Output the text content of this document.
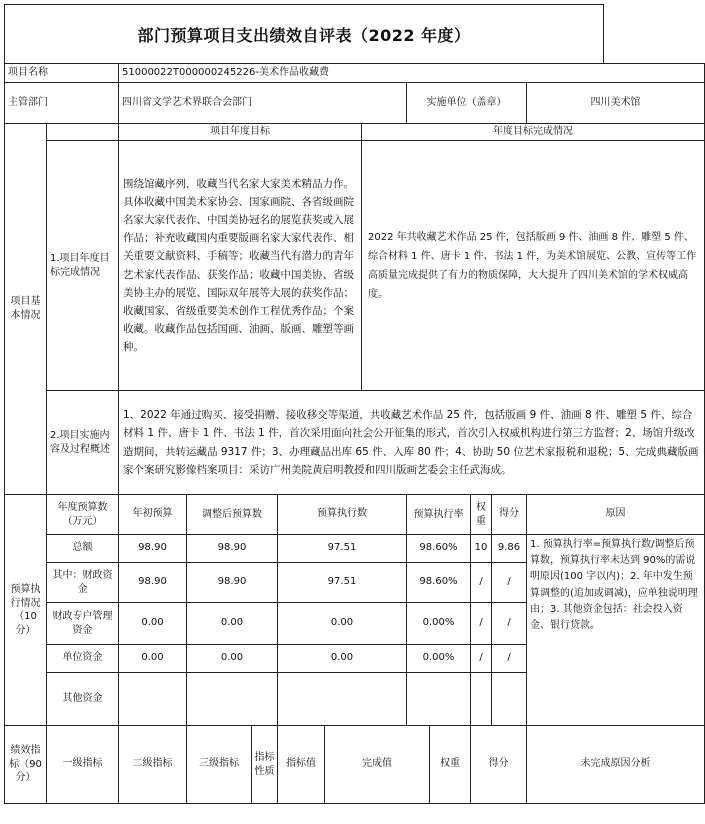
部门预算项目支出绩效自评表（2022 年度）
项目名称		51000022T000000245226-美术作品收藏费										
主管部门		四川省文学艺术界联合会部门						实施单位（盖章）				四川美术馆
项目基本情况		项目年度目标					年度目标完成情况					
	1.项目年度目标完成情况	围绕馆藏序列，收藏当代名家大家美术精品力作。具体收藏中国美术家协会、国家画院、各省级画院名家大家代表作、中国美协冠名的展览获奖或入展作品；补充收藏国内重要版画名家大家代表作、相关重要文献资料、手稿等；收藏当代有潜力的青年艺术家代表作品、获奖作品；收藏中国美协、省级美协主办的展览、国际双年展等大展的获奖作品；收藏国家、省级重要美术创作工程优秀作品；个案收藏。收藏作品包括国画、油画、版画、雕塑等画种。					2022 年共收藏艺术作品 25 件，包括版画 9 件、油画 8 件、雕塑 5 件、综合材料 1 件、唐卡 1 件、书法 1 件，为美术馆展览、公教、宣传等工作高质量完成提供了有力的物质保障，大大提升了四川美术馆的学术权威高度。					
	2.项目实施内容及过程概述	1、2022 年通过购买、接受捐赠、接收移交等渠道，共收藏艺术作品 25 件，包括版画 9 件、油画 8 件、雕塑 5 件、综合材料 1 件、唐卡 1 件、书法 1 件，首次采用面向社会公开征集的形式，首次引入权威机构进行第三方监督；2、场馆升级改造期间，共转运藏品 9317 件；3、办理藏品出库 65 件、入库 80 件；4、协助 50 位艺术家报税和退税；5、完成典藏版画家个案研究影像档案项目：采访广州美院黄启明教授和四川版画艺委会主任武海成。										
预算执行情况（10 分）	年度预算数（万元）	年初预算	调整后预算数		预算执行数			预算执行率		权重	得分	原因
	总额	98.90	98.90		97.51			98.60%		10	9.86	1. 预算执行率=预算执行数/调整后预算数，预算执行率未达到 90%的需说明原因(100 字以内)；2. 年中发生预算调整的(追加或调减)，应单独说明理由；3. 其他资金包括：社会投入资金、银行贷款。
	其中：财政资金	98.90	98.90		97.51			98.60%		/	/	
	财政专户管理资金	0.00	0.00		0.00			0.00%		/	/	
	单位资金	0.00	0.00		0.00			0.00%		/	/	
	其他资金											
绩效指标（90 分）	一级指标	二级指标	三级指标	指标性质	指标值	完成值			权重	得分		未完成原因分析
